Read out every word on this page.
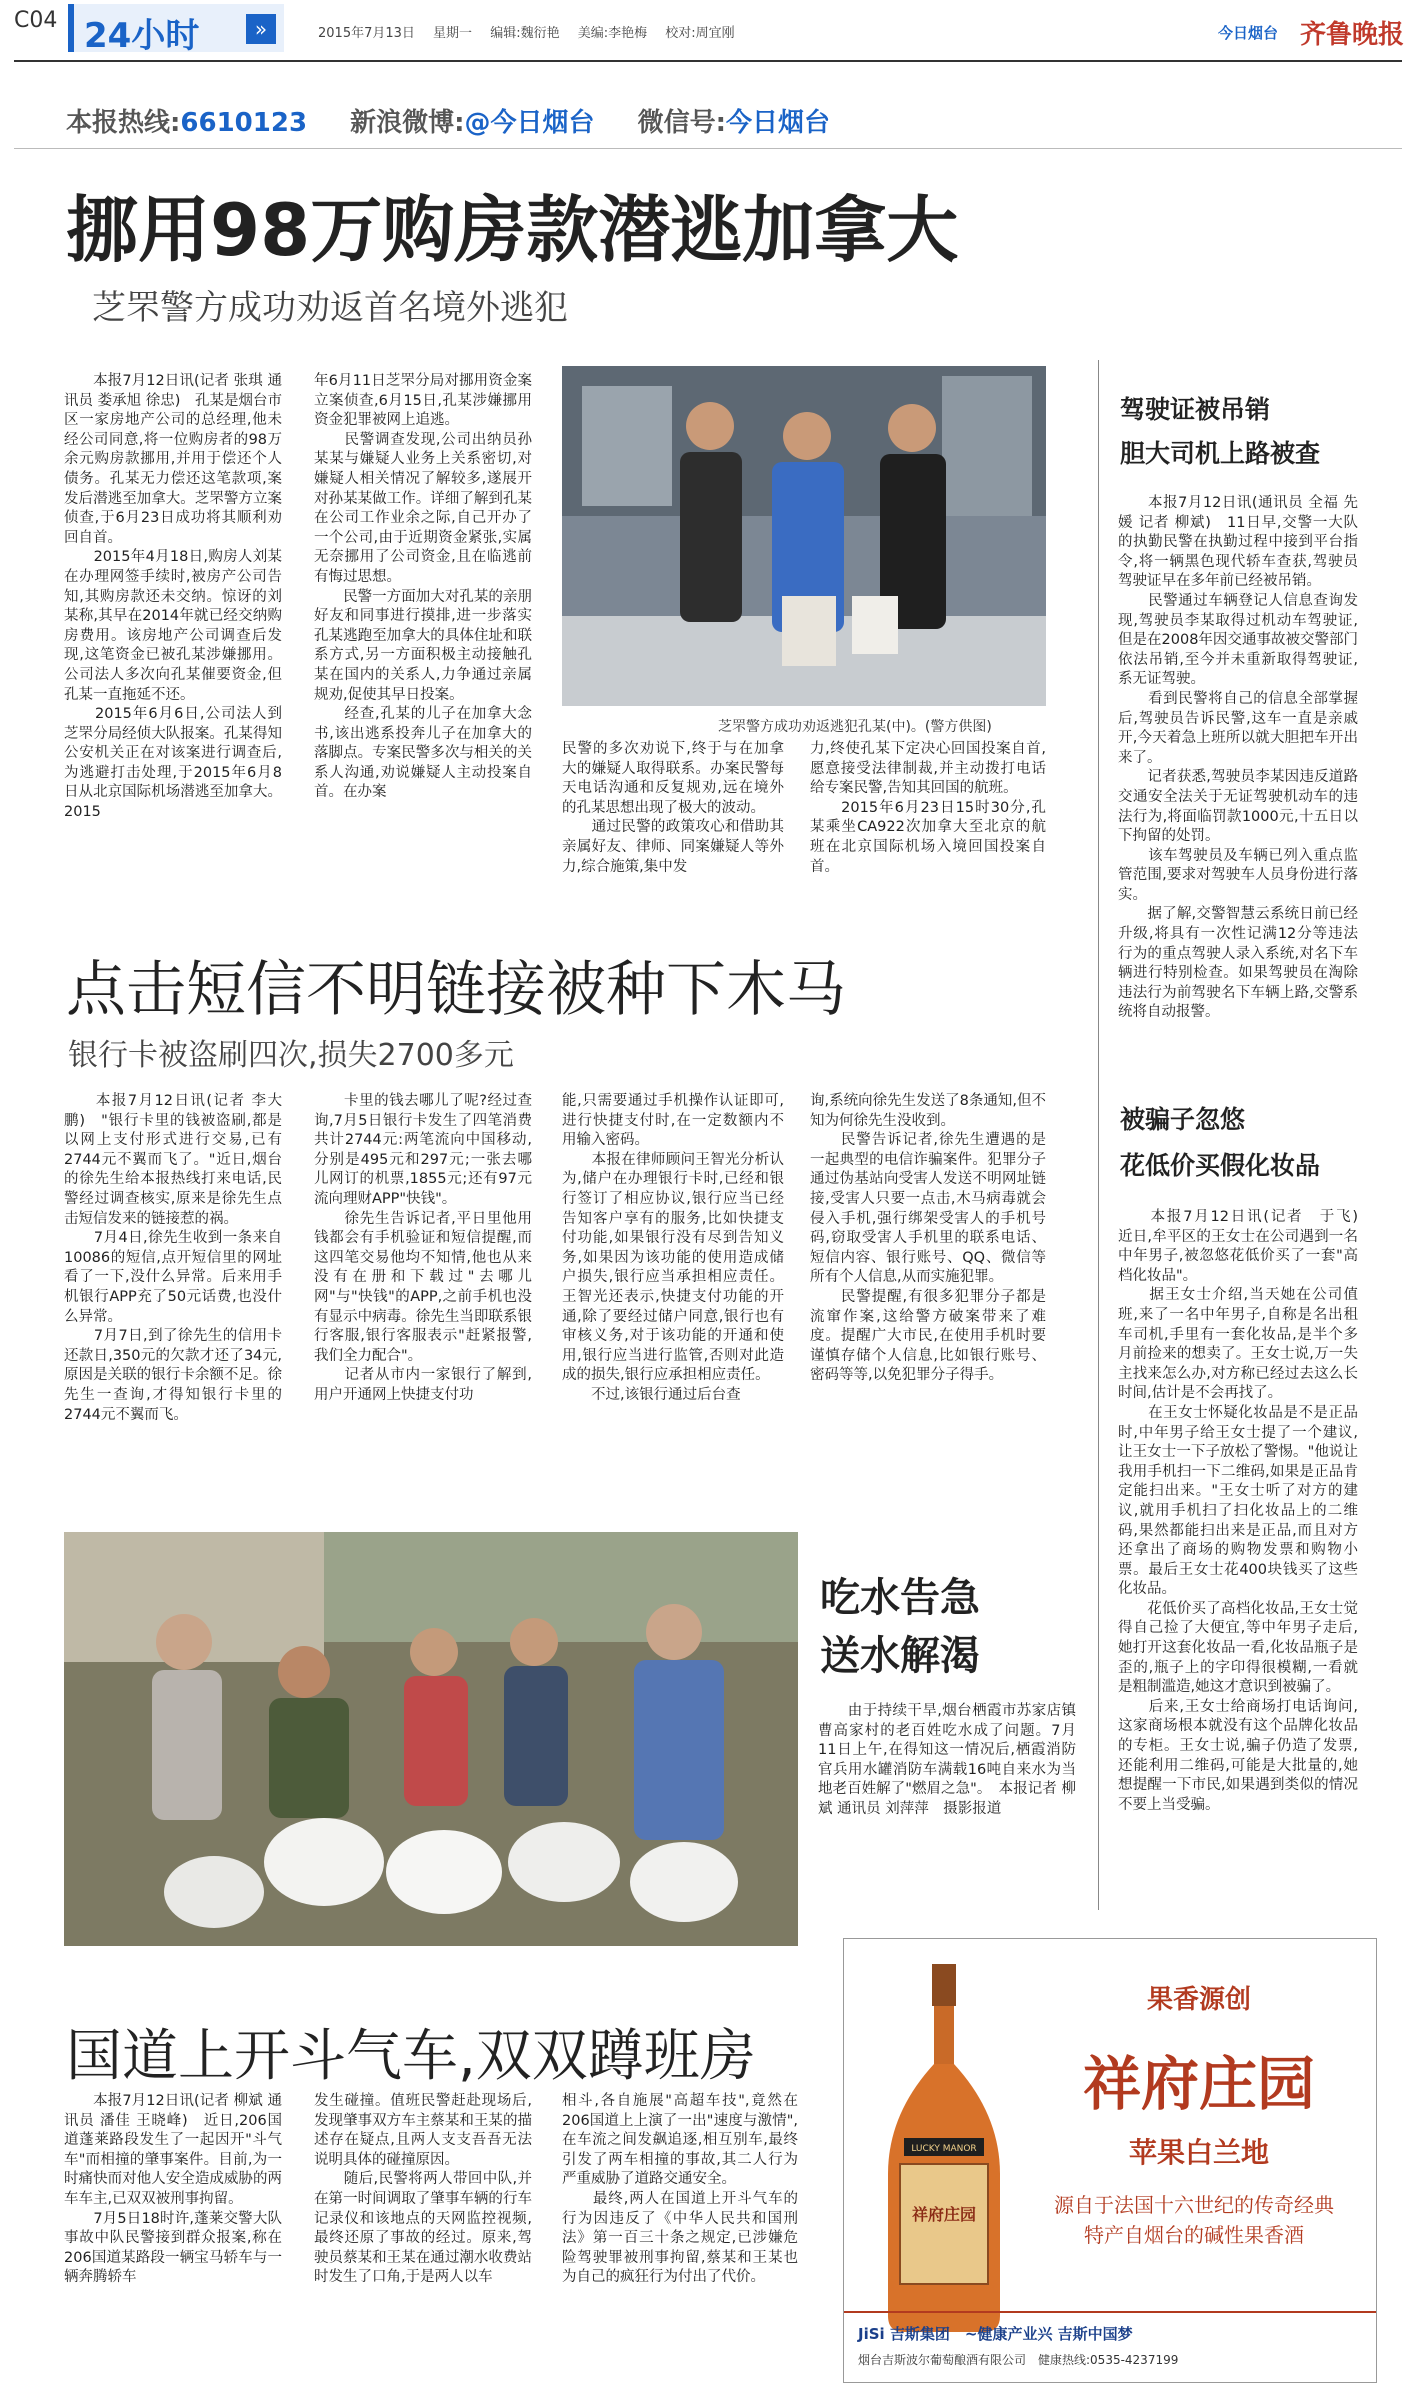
C04 24小时	»	2015年7月13日 星期一 编辑:魏衍艳 美编:李艳梅 校对:周宜刚	今日烟台 齐鲁晚报
本报热线:6610123 新浪微博:@今日烟台 微信号:今日烟台
挪用98万购房款潜逃加拿大
芝罘警方成功劝返首名境外逃犯
　　本报7月12日讯(记者 张琪 通讯员 娄承旭 徐忠)　孔某是烟台市区一家房地产公司的总经理,他未经公司同意,将一位购房者的98万余元购房款挪用,并用于偿还个人债务。孔某无力偿还这笔款项,案发后潜逃至加拿大。芝罘警方立案侦查,于6月23日成功将其顺利劝回自首。
　　2015年4月18日,购房人刘某在办理网签手续时,被房产公司告知,其购房款还未交纳。惊讶的刘某称,其早在2014年就已经交纳购房费用。该房地产公司调查后发现,这笔资金已被孔某涉嫌挪用。公司法人多次向孔某催要资金,但孔某一直拖延不还。
　　2015年6月6日,公司法人到芝罘分局经侦大队报案。孔某得知公安机关正在对该案进行调查后,为逃避打击处理,于2015年6月8日从北京国际机场潜逃至加拿大。2015
年6月11日芝罘分局对挪用资金案立案侦查,6月15日,孔某涉嫌挪用资金犯罪被网上追逃。
　　民警调查发现,公司出纳员孙某某与嫌疑人业务上关系密切,对嫌疑人相关情况了解较多,遂展开对孙某某做工作。详细了解到孔某在公司工作业余之际,自己开办了一个公司,由于近期资金紧张,实属无奈挪用了公司资金,且在临逃前有悔过思想。
　　民警一方面加大对孔某的亲朋好友和同事进行摸排,进一步落实孔某逃跑至加拿大的具体住址和联系方式,另一方面积极主动接触孔某在国内的关系人,力争通过亲属规劝,促使其早日投案。
　　经查,孔某的儿子在加拿大念书,该出逃系投奔儿子在加拿大的落脚点。专案民警多次与相关的关系人沟通,劝说嫌疑人主动投案自首。在办案
芝罘警方成功劝返逃犯孔某(中)。(警方供图)
民警的多次劝说下,终于与在加拿大的嫌疑人取得联系。办案民警每天电话沟通和反复规劝,远在境外的孔某思想出现了极大的波动。
　　通过民警的政策攻心和借助其亲属好友、律师、同案嫌疑人等外力,综合施策,集中发
力,终使孔某下定决心回国投案自首,愿意接受法律制裁,并主动拨打电话给专案民警,告知其回国的航班。
　　2015年6月23日15时30分,孔某乘坐CA922次加拿大至北京的航班在北京国际机场入境回国投案自首。
驾驶证被吊销
胆大司机上路被查
　　本报7月12日讯(通讯员 全福 先媛 记者 柳斌)　11日早,交警一大队的执勤民警在执勤过程中接到平台指令,将一辆黑色现代轿车查获,驾驶员驾驶证早在多年前已经被吊销。
　　民警通过车辆登记人信息查询发现,驾驶员李某取得过机动车驾驶证,但是在2008年因交通事故被交警部门依法吊销,至今并未重新取得驾驶证,系无证驾驶。
　　看到民警将自己的信息全部掌握后,驾驶员告诉民警,这车一直是亲戚开,今天着急上班所以就大胆把车开出来了。
　　记者获悉,驾驶员李某因违反道路交通安全法关于无证驾驶机动车的违法行为,将面临罚款1000元,十五日以下拘留的处罚。
　　该车驾驶员及车辆已列入重点监管范围,要求对驾驶车人员身份进行落实。
　　据了解,交警智慧云系统日前已经升级,将具有一次性记满12分等违法行为的重点驾驶人录入系统,对名下车辆进行特别检查。如果驾驶员在淘除违法行为前驾驶名下车辆上路,交警系统将自动报警。
被骗子忽悠
花低价买假化妆品
　　本报7月12日讯(记者　于飞)　近日,牟平区的王女士在公司遇到一名中年男子,被忽悠花低价买了一套"高档化妆品"。
　　据王女士介绍,当天她在公司值班,来了一名中年男子,自称是名出租车司机,手里有一套化妆品,是半个多月前捡来的想卖了。王女士说,万一失主找来怎么办,对方称已经过去这么长时间,估计是不会再找了。
　　在王女士怀疑化妆品是不是正品时,中年男子给王女士提了一个建议,让王女士一下子放松了警惕。"他说让我用手机扫一下二维码,如果是正品肯定能扫出来。"王女士听了对方的建议,就用手机扫了扫化妆品上的二维码,果然都能扫出来是正品,而且对方还拿出了商场的购物发票和购物小票。最后王女士花400块钱买了这些化妆品。
　　花低价买了高档化妆品,王女士觉得自己捡了大便宜,等中年男子走后,她打开这套化妆品一看,化妆品瓶子是歪的,瓶子上的字印得很模糊,一看就是粗制滥造,她这才意识到被骗了。
　　后来,王女士给商场打电话询问,这家商场根本就没有这个品牌化妆品的专柜。王女士说,骗子仍造了发票,还能利用二维码,可能是大批量的,她想提醒一下市民,如果遇到类似的情况不要上当受骗。
点击短信不明链接被种下木马
银行卡被盗刷四次,损失2700多元
　　本报7月12日讯(记者 李大鹏)　"银行卡里的钱被盗刷,都是以网上支付形式进行交易,已有2744元不翼而飞了。"近日,烟台的徐先生给本报热线打来电话,民警经过调查核实,原来是徐先生点击短信发来的链接惹的祸。
　　7月4日,徐先生收到一条来自10086的短信,点开短信里的网址看了一下,没什么异常。后来用手机银行APP充了50元话费,也没什么异常。
　　7月7日,到了徐先生的信用卡还款日,350元的欠款才还了34元,原因是关联的银行卡余额不足。徐先生一查询,才得知银行卡里的2744元不翼而飞。
　　卡里的钱去哪儿了呢?经过查询,7月5日银行卡发生了四笔消费共计2744元:两笔流向中国移动,分别是495元和297元;一张去哪儿网订的机票,1855元;还有97元流向理财APP"快钱"。
　　徐先生告诉记者,平日里他用钱都会有手机验证和短信提醒,而这四笔交易他均不知情,他也从来没有在册和下载过"去哪儿网"与"快钱"的APP,之前手机也没有显示中病毒。徐先生当即联系银行客服,银行客服表示"赶紧报警,我们全力配合"。
　　记者从市内一家银行了解到,用户开通网上快捷支付功
能,只需要通过手机操作认证即可,进行快捷支付时,在一定数额内不用输入密码。
　　本报在律师顾问王智光分析认为,储户在办理银行卡时,已经和银行签订了相应协议,银行应当已经告知客户享有的服务,比如快捷支付功能,如果银行没有尽到告知义务,如果因为该功能的使用造成储户损失,银行应当承担相应责任。王智光还表示,快捷支付功能的开通,除了要经过储户同意,银行也有审核义务,对于该功能的开通和使用,银行应当进行监管,否则对此造成的损失,银行应承担相应责任。
　　不过,该银行通过后台查
询,系统向徐先生发送了8条通知,但不知为何徐先生没收到。
　　民警告诉记者,徐先生遭遇的是一起典型的电信诈骗案件。犯罪分子通过伪基站向受害人发送不明网址链接,受害人只要一点击,木马病毒就会侵入手机,强行绑架受害人的手机号码,窃取受害人手机里的联系电话、短信内容、银行账号、QQ、微信等所有个人信息,从而实施犯罪。
　　民警提醒,有很多犯罪分子都是流窜作案,这给警方破案带来了难度。提醒广大市民,在使用手机时要谨慎存储个人信息,比如银行账号、密码等等,以免犯罪分子得手。
吃水告急
送水解渴
　　由于持续干旱,烟台栖霞市苏家店镇曹高家村的老百姓吃水成了问题。7月11日上午,在得知这一情况后,栖霞消防官兵用水罐消防车满载16吨自来水为当地老百姓解了"燃眉之急"。　本报记者 柳斌 通讯员 刘萍萍　摄影报道
国道上开斗气车,双双蹲班房
　　本报7月12日讯(记者 柳斌 通讯员 潘佳 王晓峰)　近日,206国道蓬莱路段发生了一起因开"斗气车"而相撞的肇事案件。目前,为一时痛快而对他人安全造成威胁的两车车主,已双双被刑事拘留。
　　7月5日18时许,蓬莱交警大队事故中队民警接到群众报案,称在206国道某路段一辆宝马轿车与一辆奔腾轿车
发生碰撞。值班民警赶赴现场后,发现肇事双方车主蔡某和王某的描述存在疑点,且两人支支吾吾无法说明具体的碰撞原因。
　　随后,民警将两人带回中队,并在第一时间调取了肇事车辆的行车记录仪和该地点的天网监控视频,最终还原了事故的经过。原来,驾驶员蔡某和王某在通过潮水收费站时发生了口角,于是两人以车
相斗,各自施展"高超车技",竟然在206国道上上演了一出"速度与激情",在车流之间发飙追逐,相互别车,最终引发了两车相撞的事故,其二人行为严重威胁了道路交通安全。
　　最终,两人在国道上开斗气车的行为因违反了《中华人民共和国刑法》第一百三十条之规定,已涉嫌危险驾驶罪被刑事拘留,蔡某和王某也为自己的疯狂行为付出了代价。
LUCKY MANOR
祥府庄园
果香源创
祥府庄园
苹果白兰地
源自于法国十六世纪的传奇经典
特产自烟台的碱性果香酒
JiSi 吉斯集团　~健康产业兴 吉斯中国梦
烟台吉斯波尔葡萄酿酒有限公司　健康热线:0535-4237199
